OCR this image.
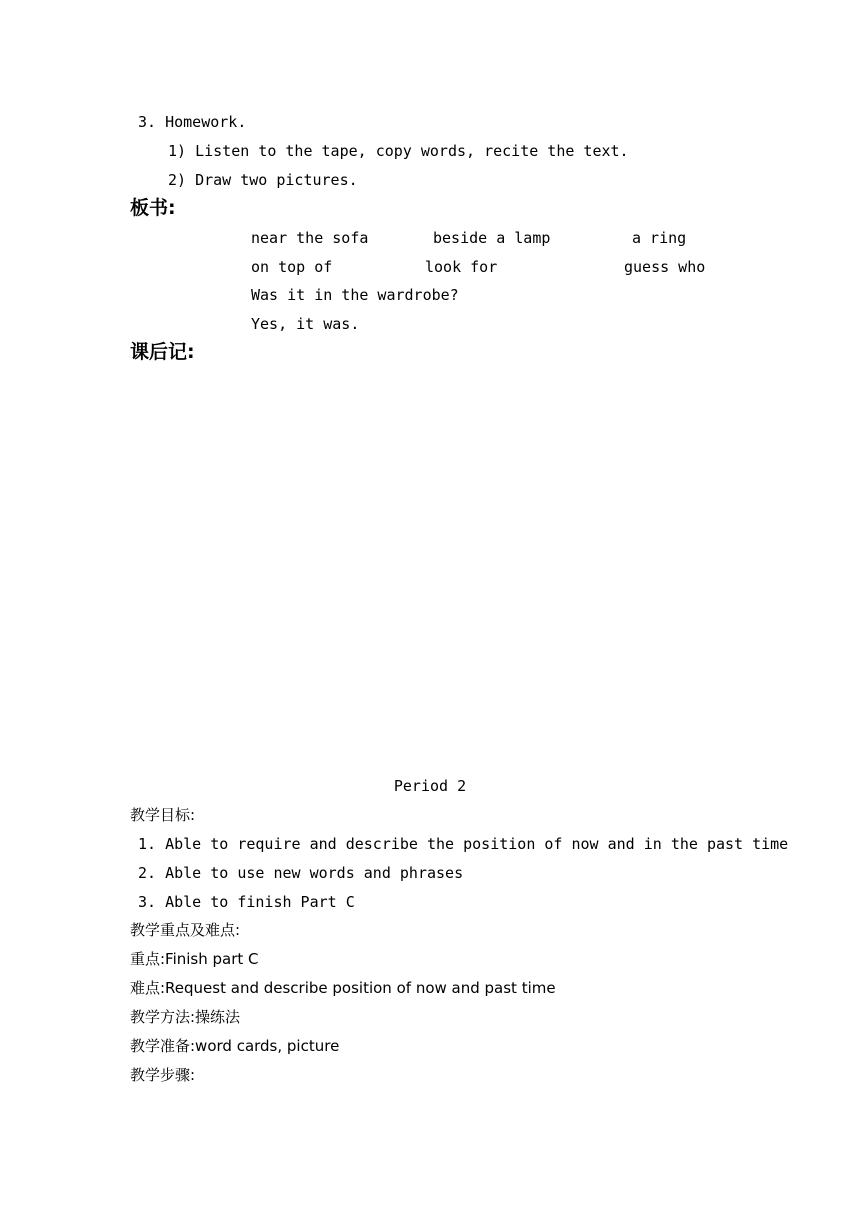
3. Homework.
1) Listen to the tape, copy words, recite the text.
2) Draw two pictures.
板书:
near the sofa	beside a lamp	a ring
on top of	look for	guess who
Was it in the wardrobe?
Yes, it was.
课后记:
Period 2
教学目标:
1. Able to require and describe the position of now and in the past time
2. Able to use new words and phrases
3. Able to finish Part C
教学重点及难点:
重点:Finish part C
难点:Request and describe position of now and past time
教学方法:操练法
教学准备:word cards, picture
教学步骤:
